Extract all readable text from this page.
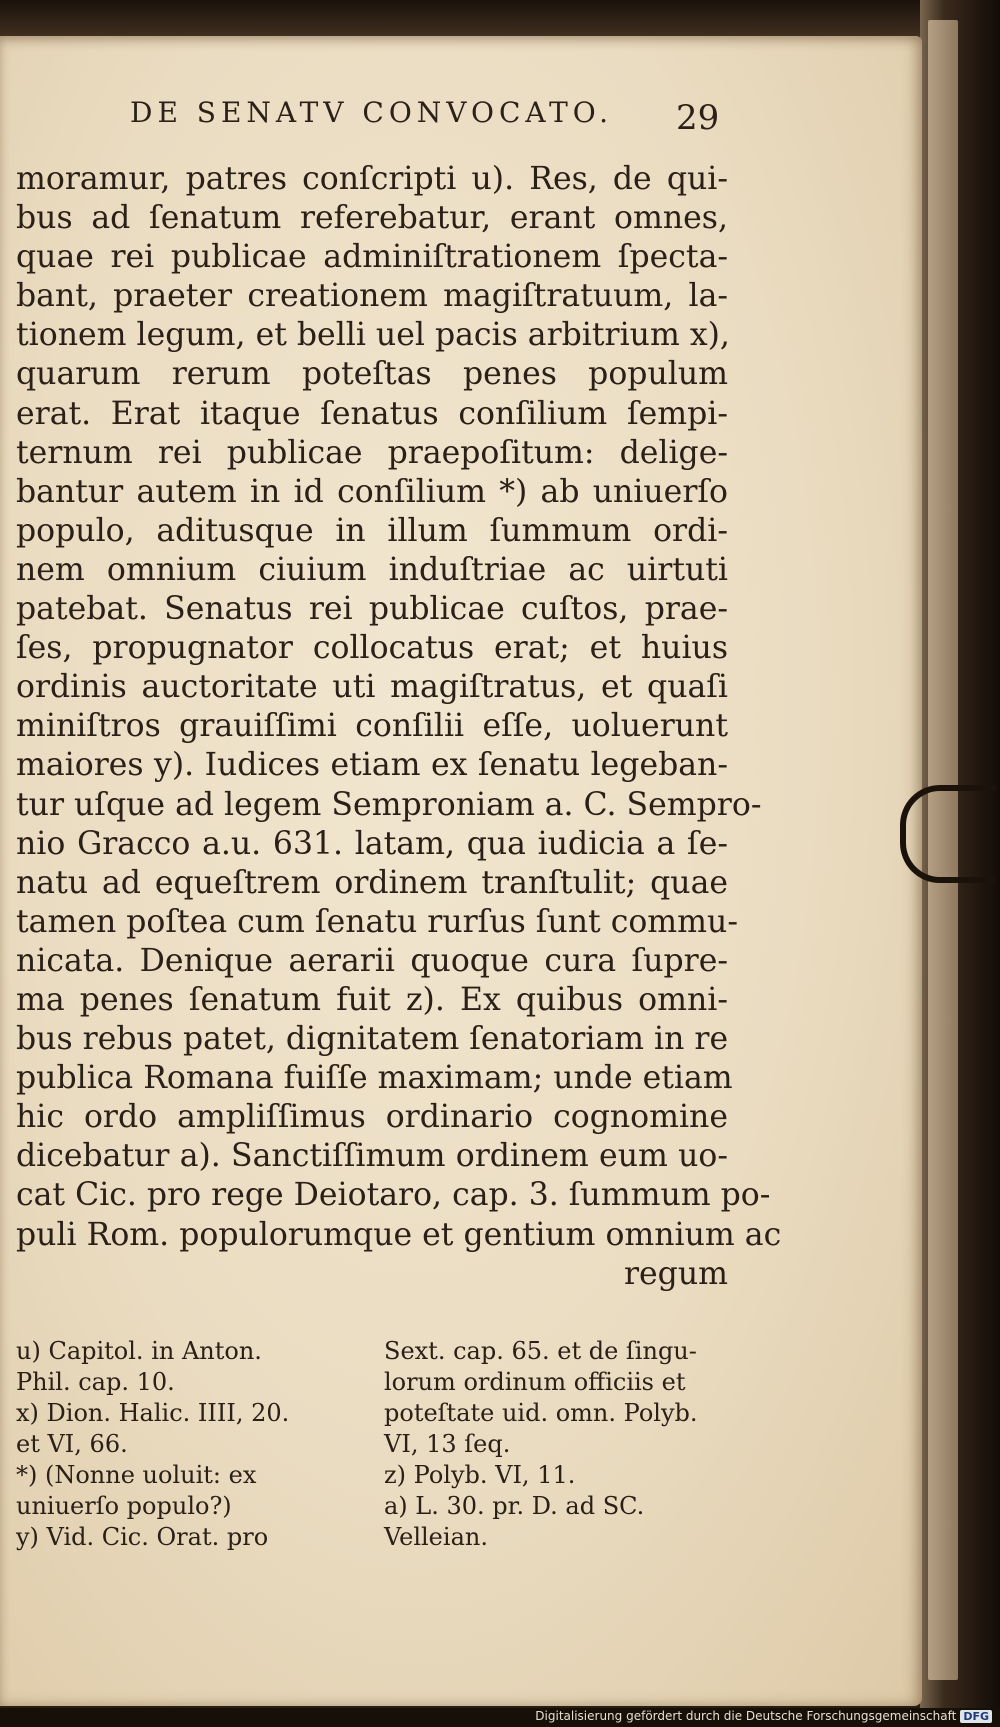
DE SENATV CONVOCATO.	29
moramur, patres conſcripti u). Res, de qui-
bus ad ſenatum referebatur, erant omnes,
quae rei publicae adminiſtrationem ſpecta-
bant, praeter creationem magiſtratuum, la-
tionem legum, et belli uel pacis arbitrium x),
quarum rerum poteſtas penes populum
erat. Erat itaque ſenatus conſilium ſempi-
ternum rei publicae praepoſitum: delige-
bantur autem in id conſilium *) ab uniuerſo
populo, aditusque in illum ſummum ordi-
nem omnium ciuium induſtriae ac uirtuti
patebat. Senatus rei publicae cuſtos, prae-
ſes, propugnator collocatus erat; et huius
ordinis auctoritate uti magiſtratus, et quaſi
miniſtros grauiſſimi conſilii eſſe, uoluerunt
maiores y). Iudices etiam ex ſenatu legeban-
tur uſque ad legem Semproniam a. C. Sempro-
nio Gracco a.u. 631. latam, qua iudicia a ſe-
natu ad equeſtrem ordinem tranſtulit; quae
tamen poſtea cum ſenatu rurſus ſunt commu-
nicata. Denique aerarii quoque cura ſupre-
ma penes ſenatum fuit z). Ex quibus omni-
bus rebus patet, dignitatem ſenatoriam in re
publica Romana fuiſſe maximam; unde etiam
hic ordo ampliſſimus ordinario cognomine
dicebatur a). Sanctiſſimum ordinem eum uo-
cat Cic. pro rege Deiotaro, cap. 3. ſummum po-
puli Rom. populorumque et gentium omnium ac
regum
u) Capitol. in Anton.
Phil. cap. 10.
x) Dion. Halic. IIII, 20.
et VI, 66.
*) (Nonne uoluit: ex
uniuerſo populo?)
y) Vid. Cic. Orat. pro
Sext. cap. 65. et de ſingu-
lorum ordinum officiis et
poteſtate uid. omn. Polyb.
VI, 13 ſeq.
z) Polyb. VI, 11.
a) L. 30. pr. D. ad SC.
Velleian.
Digitalisierung gefördert durch die Deutsche Forschungsgemeinschaft DFG
